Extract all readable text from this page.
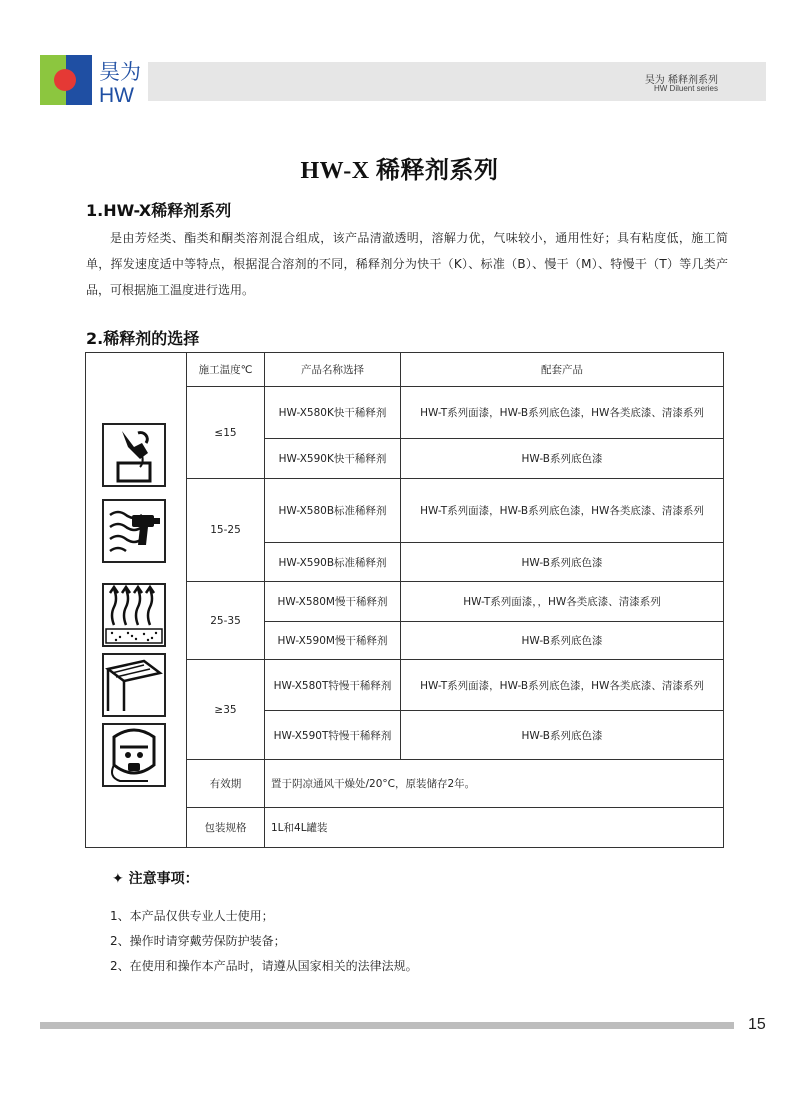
昊为
HW
昊为 稀释剂系列
HW Diluent series
HW-X 稀释剂系列
1.HW-X稀释剂系列
是由芳烃类、酯类和酮类溶剂混合组成，该产品清澈透明，溶解力优，气味较小，通用性好；具有粘度低，施工简单，挥发速度适中等特点，根据混合溶剂的不同，稀释剂分为快干（K）、标准（B）、慢干（M）、特慢干（T）等几类产品，可根据施工温度进行选用。
2.稀释剂的选择
	施工温度℃	产品名称选择	配套产品
	≤15	HW-X580K快干稀释剂	HW-T系列面漆，HW-B系列底色漆，HW各类底漆、清漆系列
		HW-X590K快干稀释剂	HW-B系列底色漆
	15-25	HW-X580B标准稀释剂	HW-T系列面漆，HW-B系列底色漆，HW各类底漆、清漆系列
		HW-X590B标准稀释剂	HW-B系列底色漆
	25-35	HW-X580M慢干稀释剂	HW-T系列面漆，，HW各类底漆、清漆系列
		HW-X590M慢干稀释剂	HW-B系列底色漆
	≥35	HW-X580T特慢干稀释剂	HW-T系列面漆，HW-B系列底色漆，HW各类底漆、清漆系列
		HW-X590T特慢干稀释剂	HW-B系列底色漆
	有效期	置于阴凉通风干燥处/20°C，原装储存2年。	
	包装规格	1L和4L罐装	
✦ 注意事项：
1、本产品仅供专业人士使用；
2、操作时请穿戴劳保防护装备；
2、在使用和操作本产品时，请遵从国家相关的法律法规。
15
